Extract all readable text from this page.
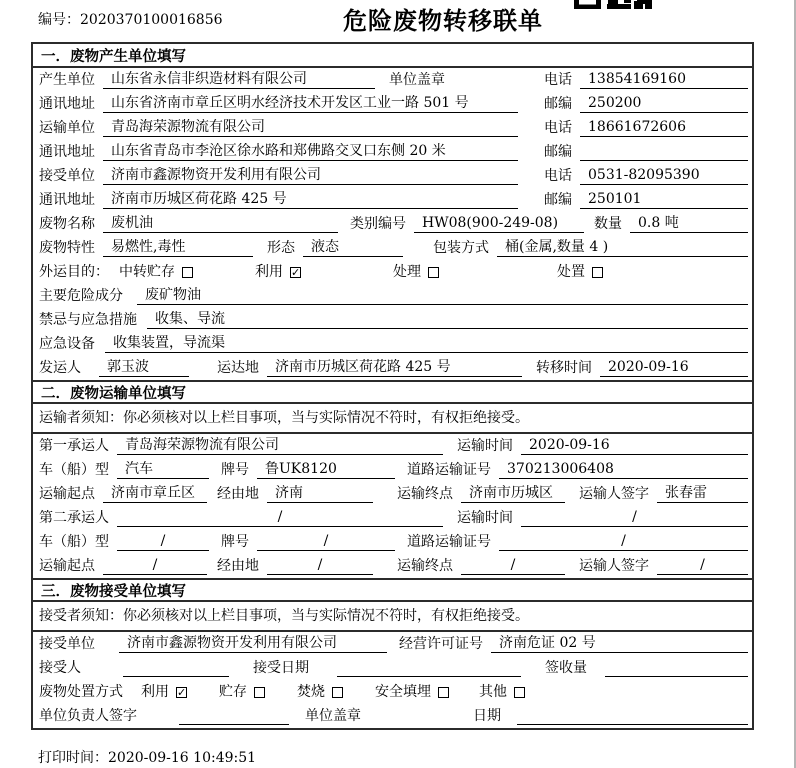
编号：2020370100016856	危险废物转移联单
一．废物产生单位填写
产生单位	山东省永信非织造材料有限公司	单位盖章	电话	13854169160
通讯地址	山东省济南市章丘区明水经济技术开发区工业一路 501 号	邮编	250200
运输单位	青岛海荣源物流有限公司	电话	18661672606
通讯地址	山东省青岛市李沧区徐水路和郑佛路交叉口东侧 20 米	邮编
接受单位	济南市鑫源物资开发利用有限公司	电话	0531-82095390
通讯地址	济南市历城区荷花路 425 号	邮编	250101
废物名称	废机油	类别编号	HW08(900-249-08)	数量	0.8 吨
废物特性	易燃性,毒性	形态	液态	包装方式	桶(金属,数量 4 )
外运目的： 中转贮存	利用 ✓	处理	处置
主要危险成分	废矿物油
禁忌与应急措施	收集、导流
应急设备	收集装置，导流渠
发运人	郭玉波	运达地	济南市历城区荷花路 425 号	转移时间	2020-09-16
二．废物运输单位填写
运输者须知：你必须核对以上栏目事项，当与实际情况不符时，有权拒绝接受。
第一承运人	青岛海荣源物流有限公司	运输时间	2020-09-16
车（船）型	汽车	牌号	鲁UK8120	道路运输证号	370213006408
运输起点	济南市章丘区	经由地	济南	运输终点	济南市历城区	运输人签字	张春雷
第二承运人	/	运输时间	/
车（船）型	/	牌号	/	道路运输证号	/
运输起点	/	经由地	/	运输终点	/	运输人签字	/
三．废物接受单位填写
接受者须知：你必须核对以上栏目事项，当与实际情况不符时，有权拒绝接受。
接受单位	济南市鑫源物资开发利用有限公司	经营许可证号	济南危证 02 号
接受人	接受日期	签收量
废物处置方式 利用 ✓ 贮存	焚烧	安全填埋	其他
单位负责人签字	单位盖章	日期
打印时间：2020-09-16 10:49:51
